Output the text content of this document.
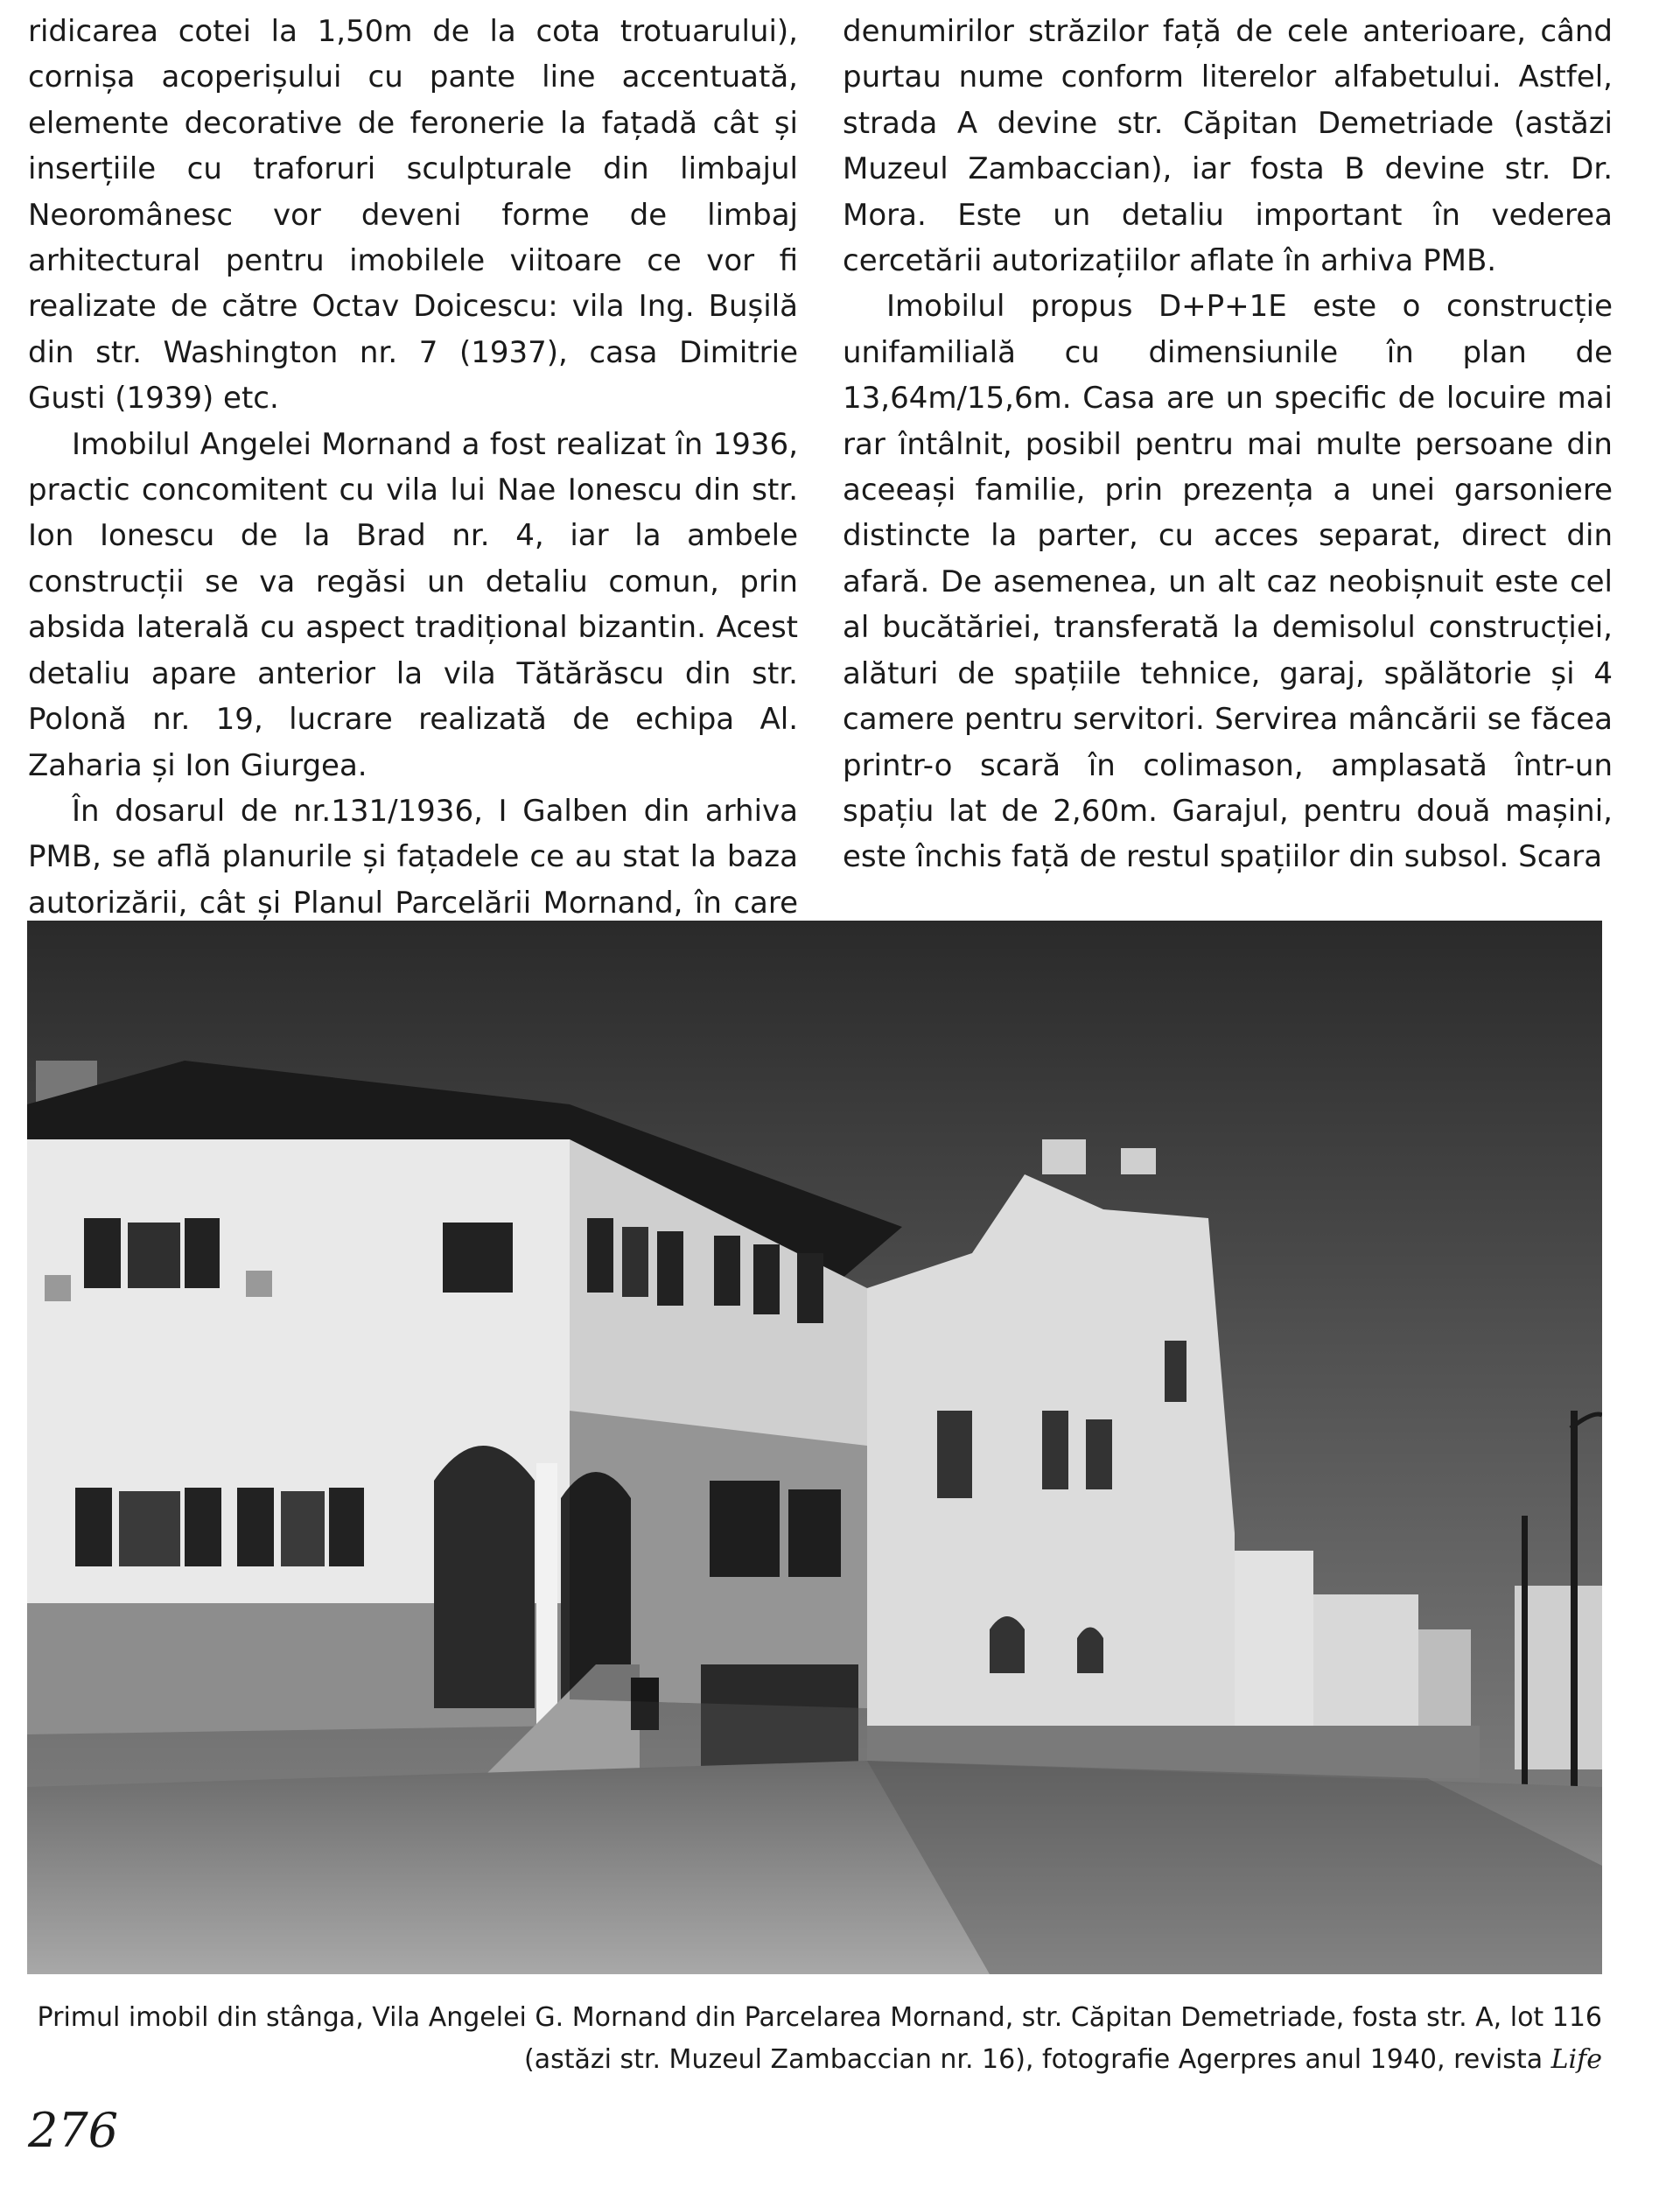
ridicarea cotei la 1,50m de la cota trotuarului), cornișa acoperișului cu pante line accentuată, elemente decorative de feronerie la fațadă cât și inserțiile cu traforuri sculpturale din limbajul Neoromânesc vor deveni forme de limbaj arhitectural pentru imobilele viitoare ce vor fi realizate de către Octav Doicescu: vila Ing. Bușilă din str. Washington nr. 7 (1937), casa Dimitrie Gusti (1939) etc.

Imobilul Angelei Mornand a fost realizat în 1936, practic concomitent cu vila lui Nae Ionescu din str. Ion Ionescu de la Brad nr. 4, iar la ambele construcții se va regăsi un detaliu comun, prin absida laterală cu aspect tradițional bizantin. Acest detaliu apare anterior la vila Tătărăscu din str. Polonă nr. 19, lucrare realizată de echipa Al. Zaharia și Ion Giurgea.

În dosarul de nr.131/1936, I Galben din arhiva PMB, se află planurile și fațadele ce au stat la baza autorizării, cât și Planul Parcelării Mornand, în care

denumirilor străzilor față de cele anterioare, când purtau nume conform literelor alfabetului. Astfel, strada A devine str. Căpitan Demetriade (astăzi Muzeul Zambaccian), iar fosta B devine str. Dr. Mora. Este un detaliu important în vederea cercetării autorizațiilor aflate în arhiva PMB.

Imobilul propus D+P+1E este o construcție unifamilială cu dimensiunile în plan de 13,64m/15,6m. Casa are un specific de locuire mai rar întâlnit, posibil pentru mai multe persoane din aceeași familie, prin prezența a unei garsoniere distincte la parter, cu acces separat, direct din afară. De asemenea, un alt caz neobișnuit este cel al bucătăriei, transferată la demisolul construcției, alături de spațiile tehnice, garaj, spălătorie și 4 camere pentru servitori. Servirea mâncării se făcea printr-o scară în colimason, amplasată într-un spațiu lat de 2,60m. Garajul, pentru două mașini, este închis față de restul spațiilor din subsol. Scara

Primul imobil din stânga, Vila Angelei G. Mornand din Parcelarea Mornand, str. Căpitan Demetriade, fosta str. A, lot 116
(astăzi str. Muzeul Zambaccian nr. 16), fotografie Agerpres anul 1940, revista Life
276
